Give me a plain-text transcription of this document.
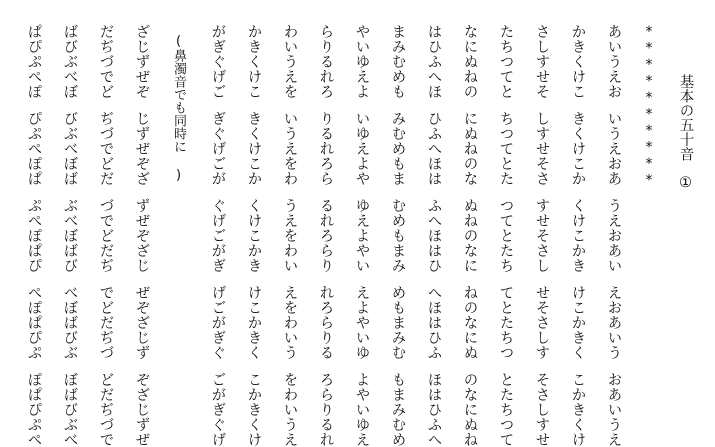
基本の五十音①
**********
あいうえおいうえおあうえおあいえおあいうおあいうえ
かきくけこきくけこかくけこかきけこかきくこかきくけ
さしすせそしすせそさすせそさしせそさしすそさしすせ
たちつてとちつてとたつてとたちてとたちつとたちつて
なにぬねのにぬねのなぬねのなにねのなにぬのなにぬね
はひふへほひふへほはふへほはひへほはひふほはひふへ
まみむめもみむめもまむめもまみめもまみむもまみむめ
やいゆえよいゆえよやゆえよやいえよやいゆよやいゆえ
らりるれろりるれろらるれろらりれろらりるろらりるれ
わいうえをいうえをわうえをわいえをわいうをわいうえ
かきくけこきくけこかくけこかきけこかきくこかきくけ
がぎぐげごぎぐげごがぐげごがぎげごがぎぐごがぎぐげ
(鼻濁音でも同時に )
ざじずぜぞじずぜぞざずぜぞざじぜぞざじずぞざじずぜ
だぢづでどぢづでどだづでどだぢでどだぢづどだぢづで
ばびぶべぼびぶべぼばぶべぼばびべぼばびぶぼばびぶべ
ぱぴぷぺぽぴぷぺぽぱぷぺぽぱぴぺぽぱぴぷぽぱぴぷぺ
